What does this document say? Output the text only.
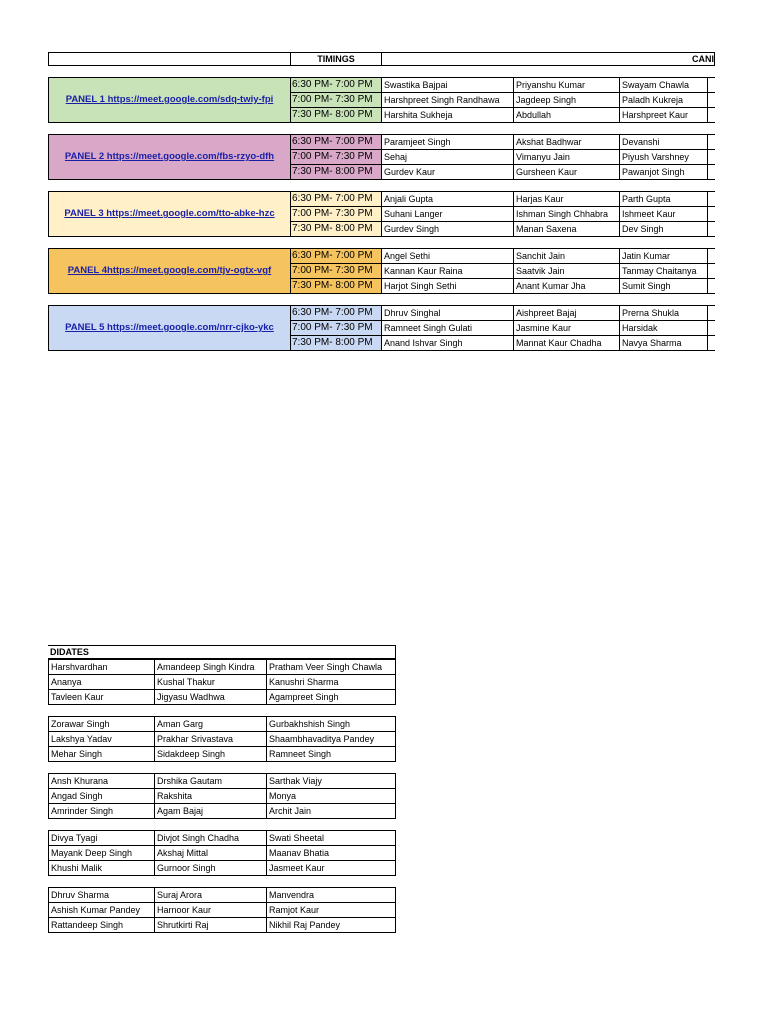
	TIMINGS	CANI
PANEL 1 https://meet.google.com/sdq-twiy-fpi	6:30 PM- 7:00 PM	Swastika Bajpai	Priyanshu Kumar	Swayam Chawla	
	7:00 PM- 7:30 PM	Harshpreet Singh Randhawa	Jagdeep Singh	Paladh Kukreja	
	7:30 PM- 8:00 PM	Harshita Sukheja	Abdullah	Harshpreet Kaur	
PANEL 2 https://meet.google.com/fbs-rzyo-dfh	6:30 PM- 7:00 PM	Paramjeet Singh	Akshat Badhwar	Devanshi	
	7:00 PM- 7:30 PM	Sehaj	Vimanyu Jain	Piyush Varshney	
	7:30 PM- 8:00 PM	Gurdev Kaur	Gursheen Kaur	Pawanjot Singh	
PANEL 3 https://meet.google.com/tto-abke-hzc	6:30 PM- 7:00 PM	Anjali Gupta	Harjas Kaur	Parth Gupta	
	7:00 PM- 7:30 PM	Suhani Langer	Ishman Singh Chhabra	Ishmeet Kaur	
	7:30 PM- 8:00 PM	Gurdev Singh	Manan Saxena	Dev Singh	
PANEL 4https://meet.google.com/tjv-ogtx-vgf	6:30 PM- 7:00 PM	Angel Sethi	Sanchit Jain	Jatin Kumar	
	7:00 PM- 7:30 PM	Kannan Kaur Raina	Saatvik Jain	Tanmay Chaitanya	
	7:30 PM- 8:00 PM	Harjot Singh Sethi	Anant Kumar Jha	Sumit Singh	
PANEL 5 https://meet.google.com/nrr-cjko-ykc	6:30 PM- 7:00 PM	Dhruv Singhal	Aishpreet Bajaj	Prerna Shukla	
	7:00 PM- 7:30 PM	Ramneet Singh Gulati	Jasmine Kaur	Harsidak	
	7:30 PM- 8:00 PM	Anand Ishvar Singh	Mannat Kaur Chadha	Navya Sharma	
DIDATES
Harshvardhan	Amandeep Singh Kindra	Pratham Veer Singh Chawla
Ananya	Kushal Thakur	Kanushri Sharma
Tavleen Kaur	Jigyasu Wadhwa	Agampreet Singh
Zorawar Singh	Aman Garg	Gurbakhshish Singh
Lakshya Yadav	Prakhar Srivastava	Shaambhavaditya Pandey
Mehar Singh	Sidakdeep Singh	Ramneet Singh
Ansh Khurana	Drshika Gautam	Sarthak Viajy
Angad Singh	Rakshita	Monya
Amrinder Singh	Agam Bajaj	Archit Jain
Divya Tyagi	Divjot Singh Chadha	Swati Sheetal
Mayank Deep Singh	Akshaj Mittal	Maanav Bhatia
Khushi Malik	Gurnoor Singh	Jasmeet Kaur
Dhruv Sharma	Suraj Arora	Manvendra
Ashish Kumar Pandey	Harnoor Kaur	Ramjot Kaur
Rattandeep Singh	Shrutkirti Raj	Nikhil Raj Pandey
